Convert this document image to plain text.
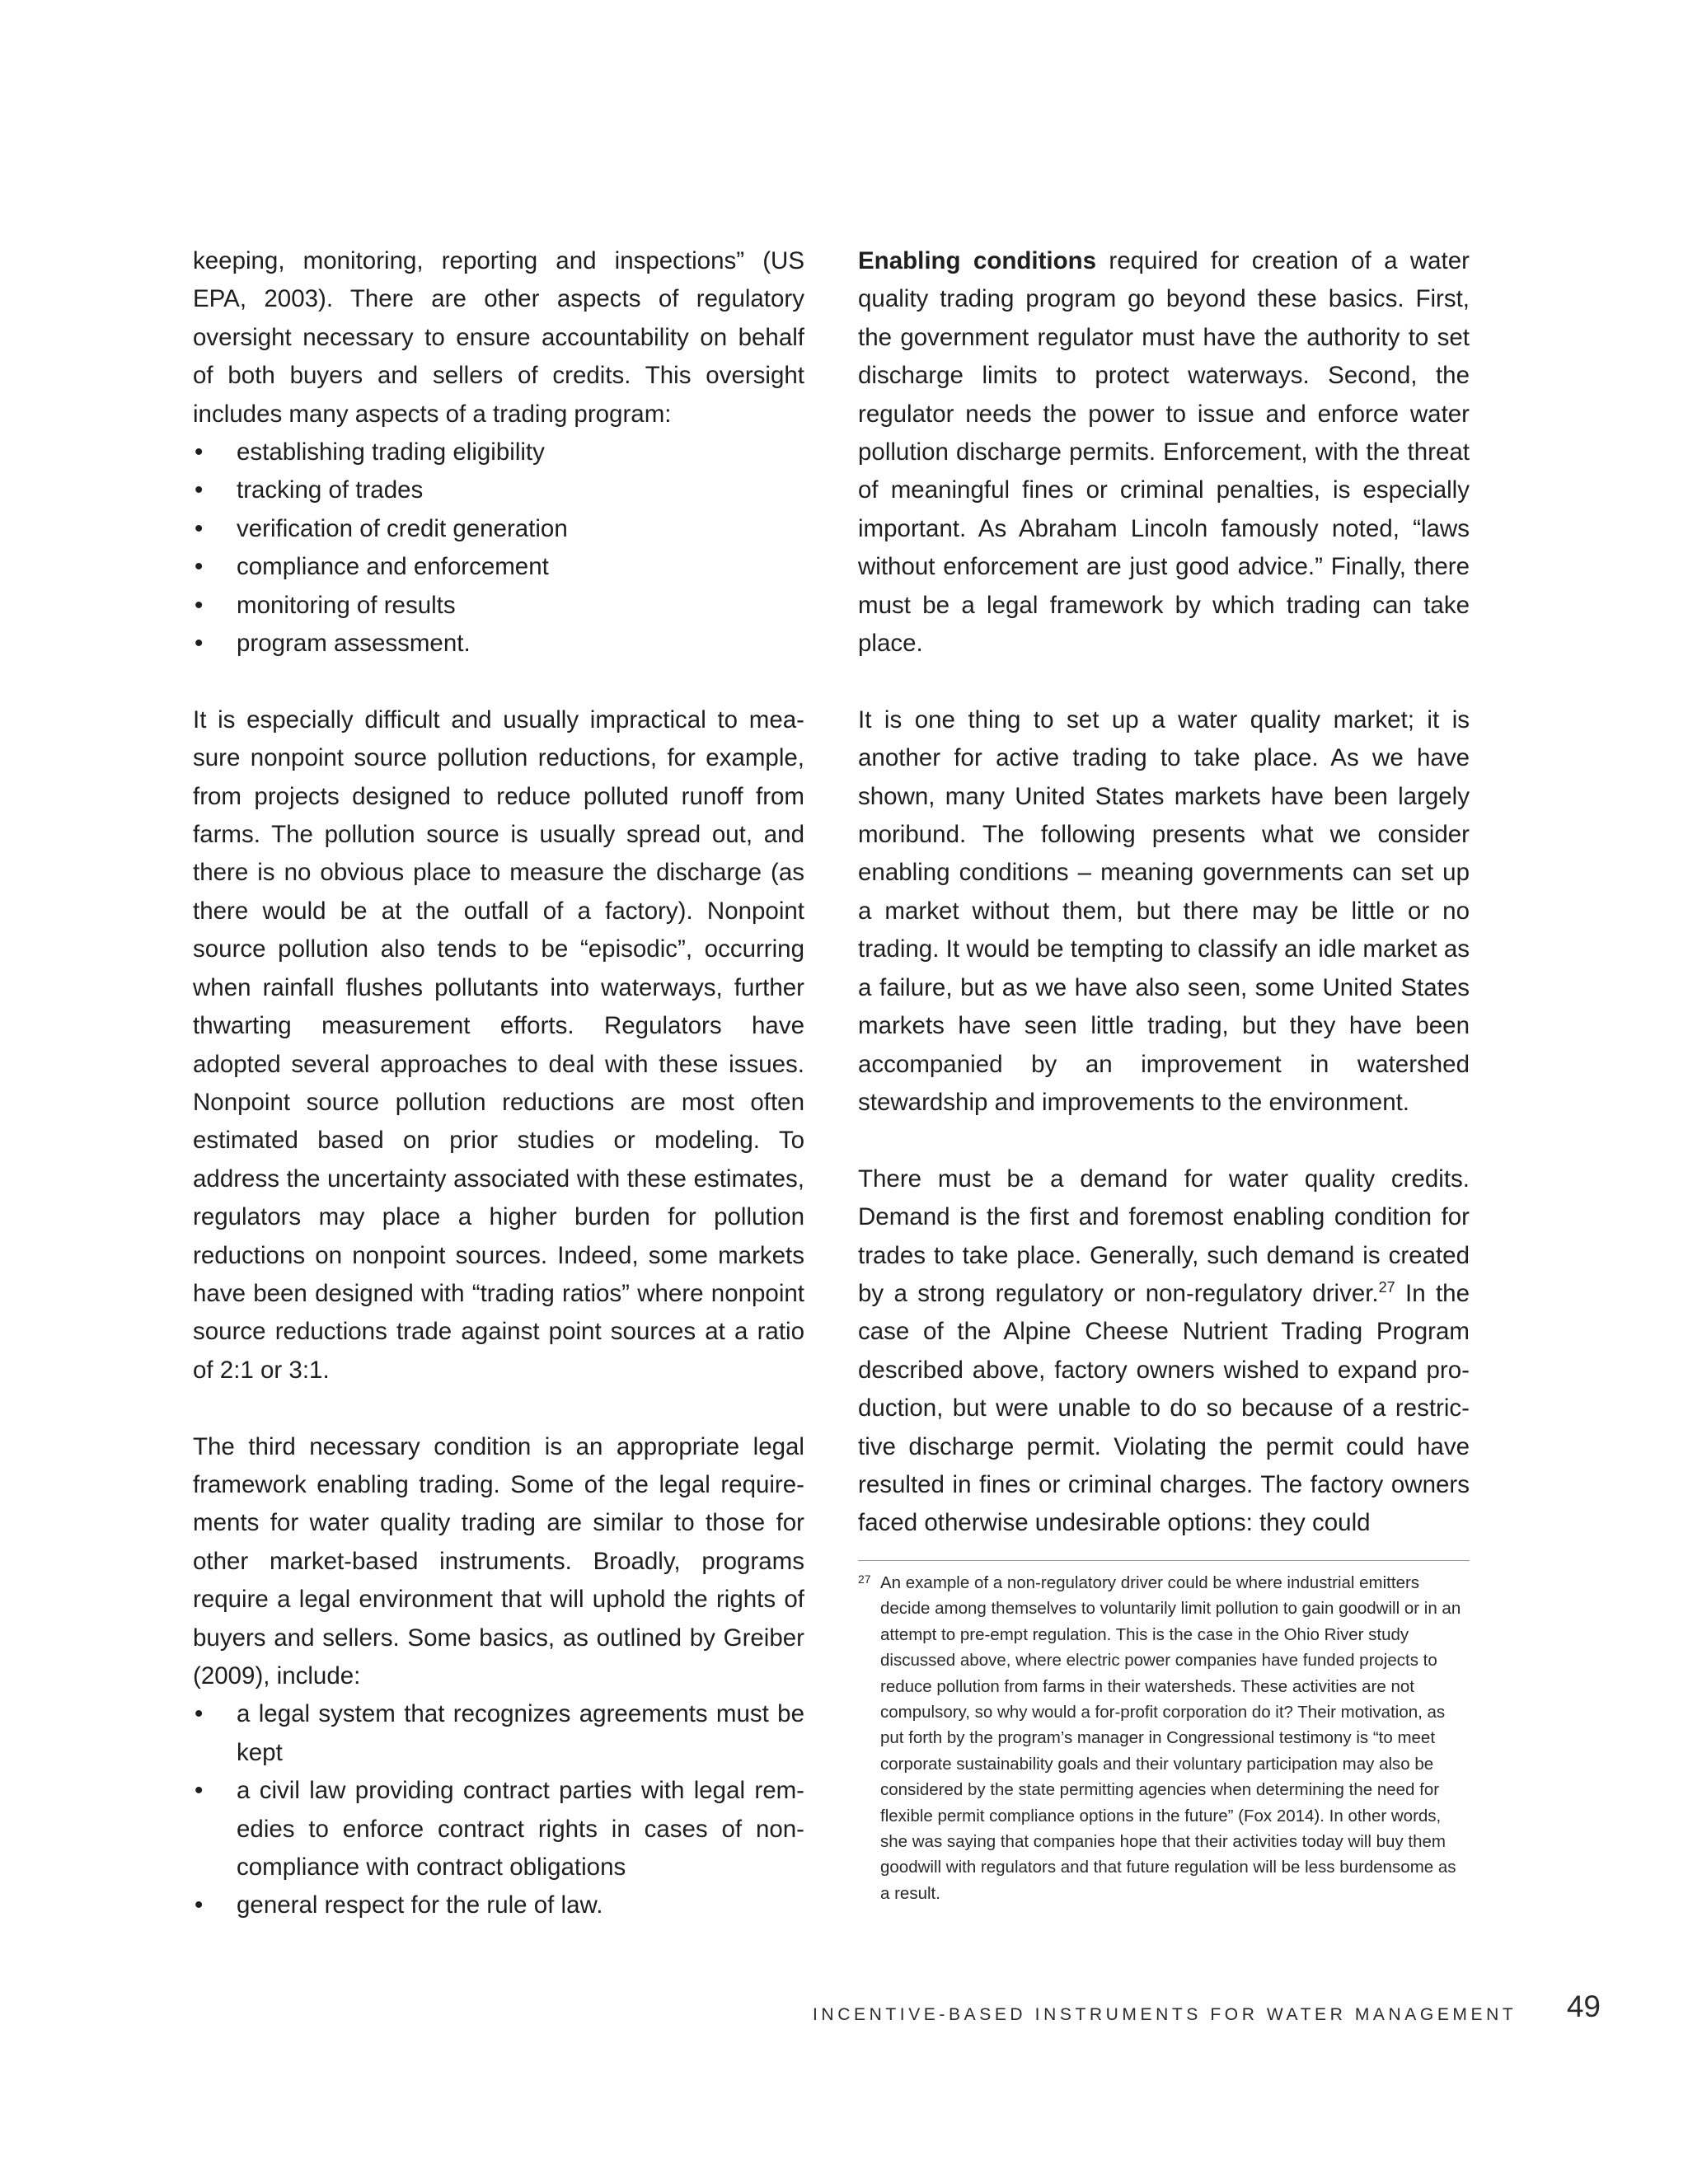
keeping, monitoring, reporting and inspections” (US EPA, 2003). There are other aspects of regulatory oversight necessary to ensure accountability on behalf of both buyers and sellers of credits. This oversight includes many aspects of a trading program:

• establishing trading eligibility
• tracking of trades
• verification of credit generation
• compliance and enforcement
• monitoring of results
• program assessment.

It is especially difficult and usually impractical to measure nonpoint source pollution reductions, for example, from projects designed to reduce polluted runoff from farms. The pollution source is usually spread out, and there is no obvious place to measure the discharge (as there would be at the outfall of a factory). Nonpoint source pollution also tends to be “episodic”, occurring when rainfall flushes pollutants into waterways, further thwarting measurement efforts. Regulators have adopted several approaches to deal with these issues. Nonpoint source pollution reductions are most often estimated based on prior studies or modeling. To address the uncertainty associated with these estimates, regulators may place a higher burden for pollution reductions on nonpoint sources. Indeed, some markets have been designed with “trading ratios” where nonpoint source reductions trade against point sources at a ratio of 2:1 or 3:1.

The third necessary condition is an appropriate legal framework enabling trading. Some of the legal requirements for water quality trading are similar to those for other market-based instruments. Broadly, programs require a legal environment that will uphold the rights of buyers and sellers. Some basics, as outlined by Greiber (2009), include:

• a legal system that recognizes agreements must be kept
• a civil law providing contract parties with legal remedies to enforce contract rights in cases of noncompliance with contract obligations
• general respect for the rule of law.

Enabling conditions required for creation of a water quality trading program go beyond these basics. First, the government regulator must have the authority to set discharge limits to protect waterways. Second, the regulator needs the power to issue and enforce water pollution discharge permits. Enforcement, with the threat of meaningful fines or criminal penalties, is especially important. As Abraham Lincoln famously noted, “laws without enforcement are just good advice.” Finally, there must be a legal framework by which trading can take place.

It is one thing to set up a water quality market; it is another for active trading to take place. As we have shown, many United States markets have been largely moribund. The following presents what we consider enabling conditions – meaning governments can set up a market without them, but there may be little or no trading. It would be tempting to classify an idle market as a failure, but as we have also seen, some United States markets have seen little trading, but they have been accompanied by an improvement in watershed stewardship and improvements to the environment.

There must be a demand for water quality credits. Demand is the first and foremost enabling condition for trades to take place. Generally, such demand is created by a strong regulatory or non-regulatory driver.$^{27}$ In the case of the Alpine Cheese Nutrient Trading Program described above, factory owners wished to expand production, but were unable to do so because of a restrictive discharge permit. Violating the permit could have resulted in fines or criminal charges. The factory owners faced otherwise undesirable options: they could

27 An example of a non-regulatory driver could be where industrial emitters decide among themselves to voluntarily limit pollution to gain goodwill or in an attempt to pre-empt regulation. This is the case in the Ohio River study discussed above, where electric power companies have funded projects to reduce pollution from farms in their watersheds. These activities are not compulsory, so why would a for-profit corporation do it? Their motivation, as put forth by the program’s manager in Congressional testimony is “to meet corporate sustainability goals and their voluntary participation may also be considered by the state permitting agencies when determining the need for flexible permit compliance options in the future” (Fox 2014). In other words, she was saying that companies hope that their activities today will buy them goodwill with regulators and that future regulation will be less burdensome as a result.

INCENTIVE-BASED INSTRUMENTS FOR WATER MANAGEMENT	49
